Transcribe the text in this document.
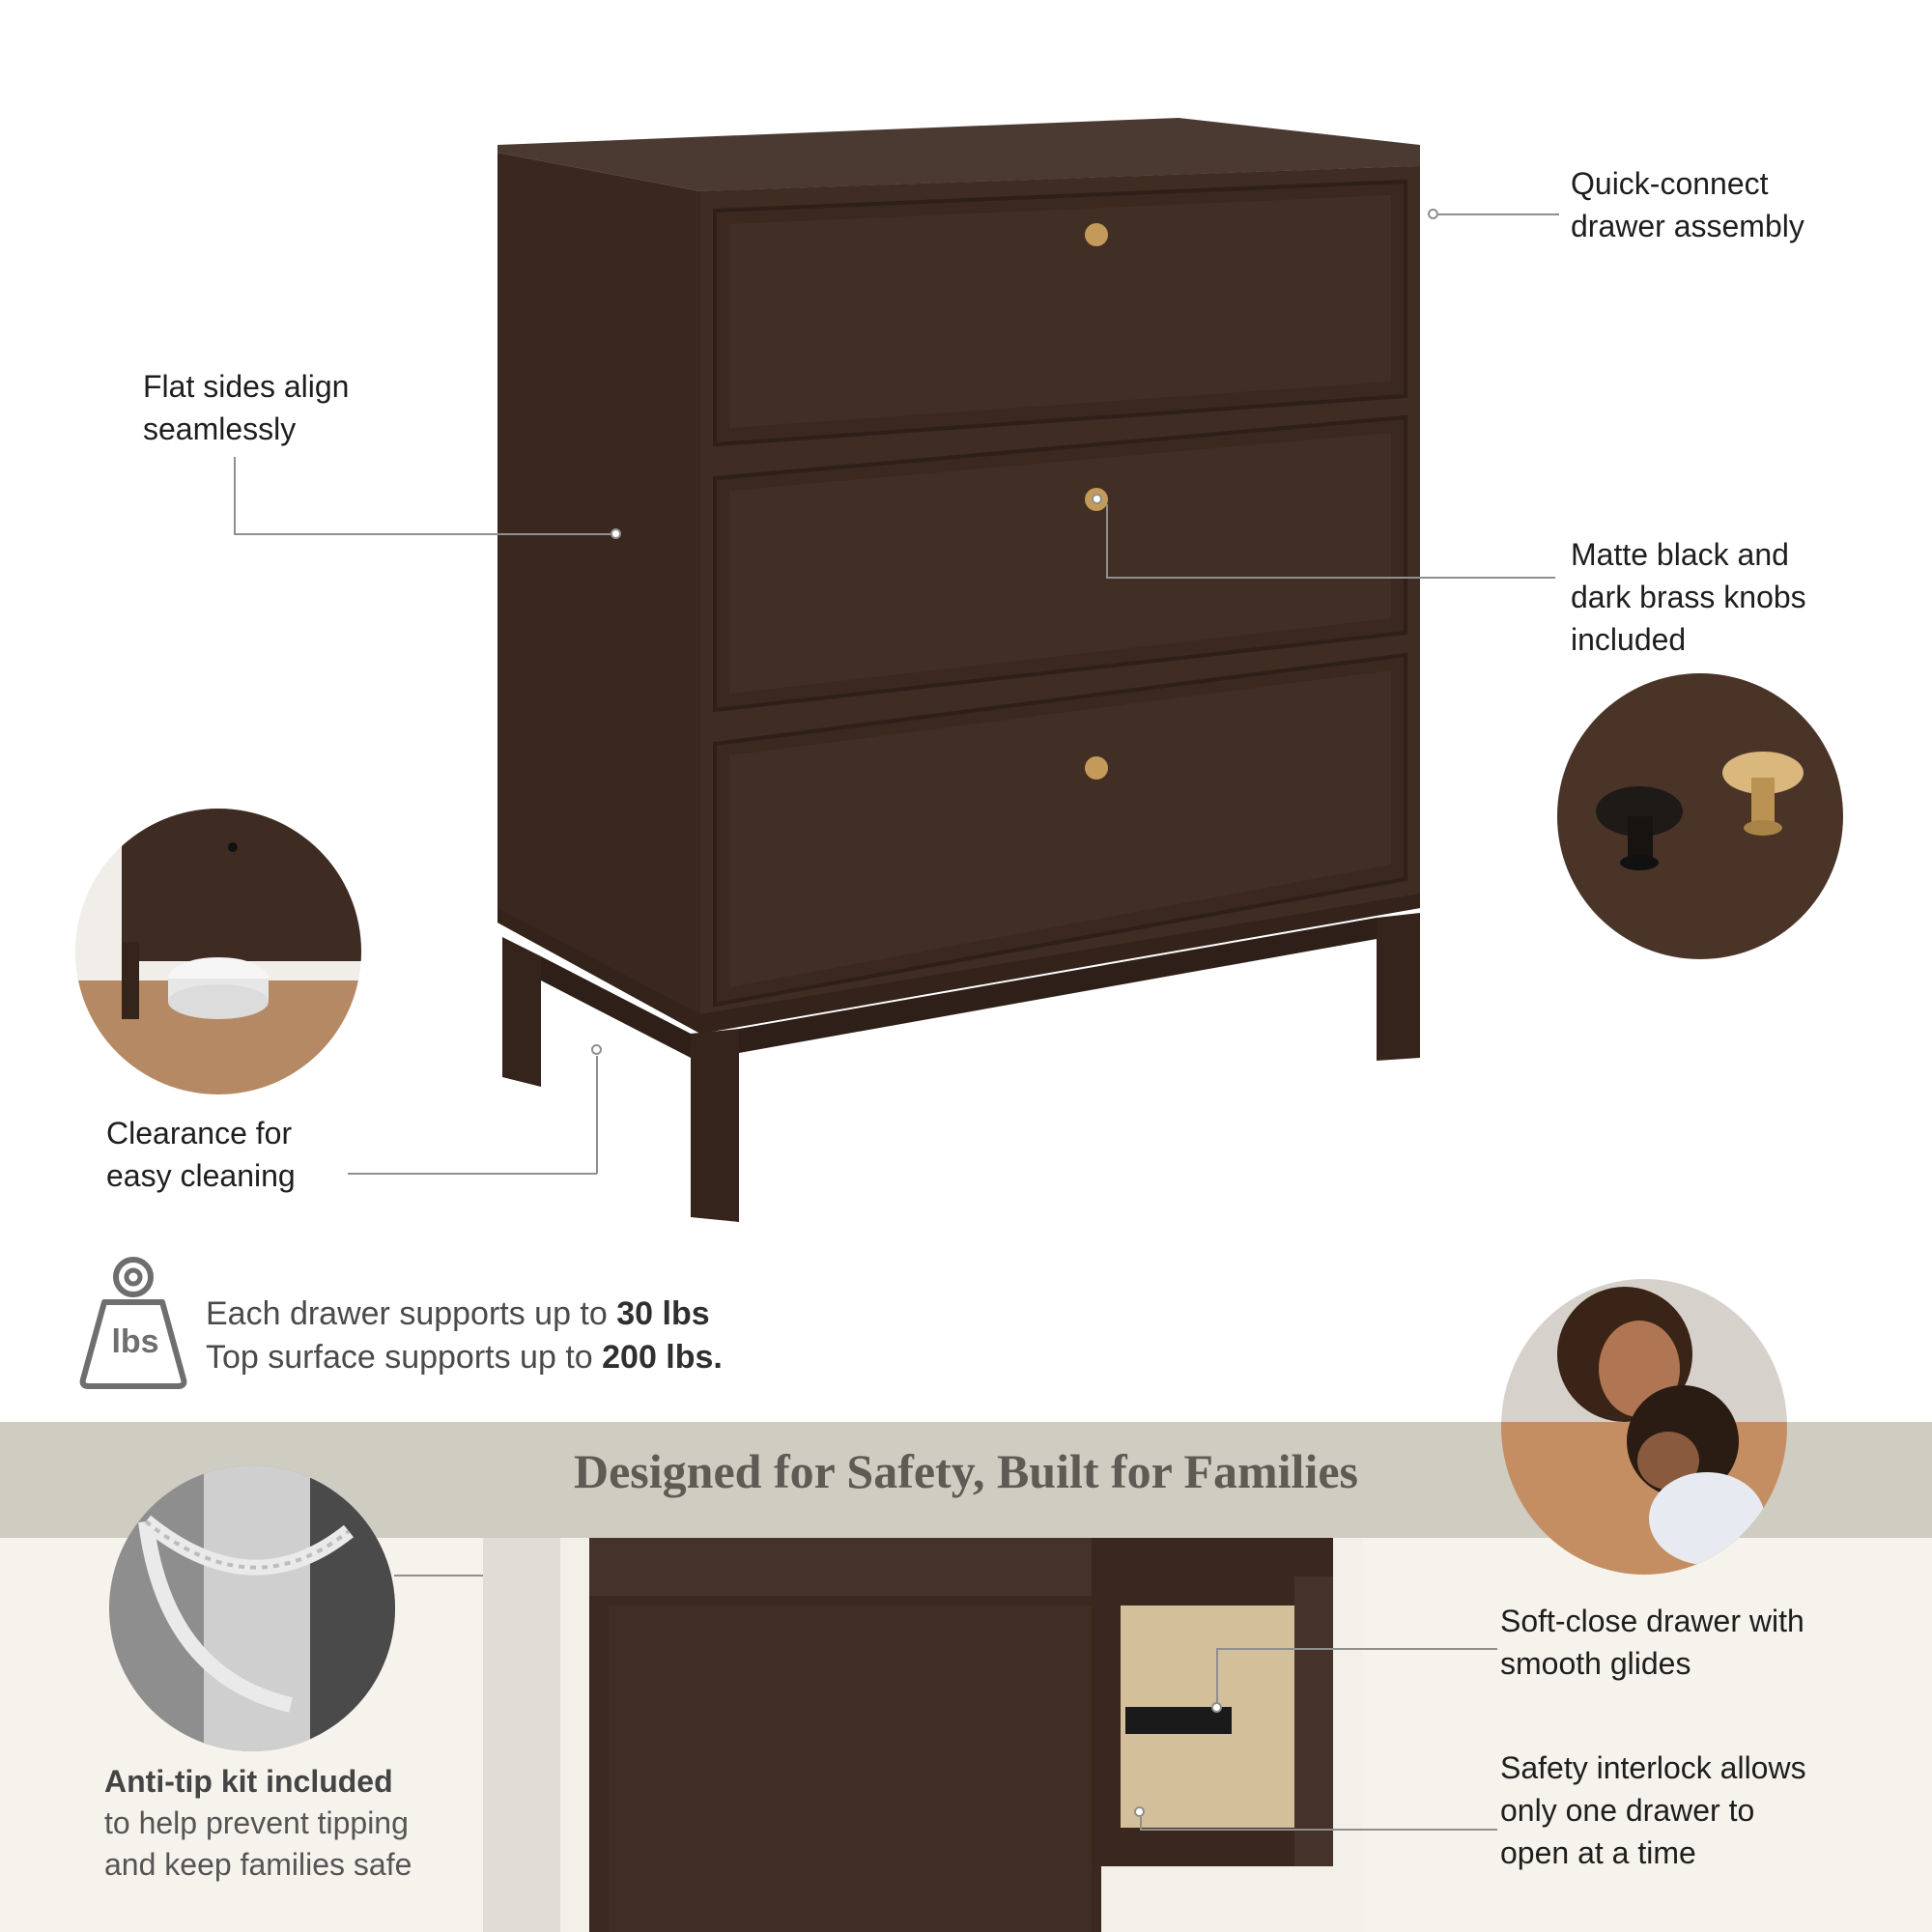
Quick-connect
drawer assembly
Flat sides align
seamlessly
Matte black and
dark brass knobs
included
Clearance for
easy cleaning
lbs
Each drawer supports up to 30 lbs
Top surface supports up to 200 lbs.
Designed for Safety, Built for Families
Anti-tip kit included
to help prevent tipping
and keep families safe
Soft-close drawer with
smooth glides
Safety interlock allows
only one drawer to
open at a time
